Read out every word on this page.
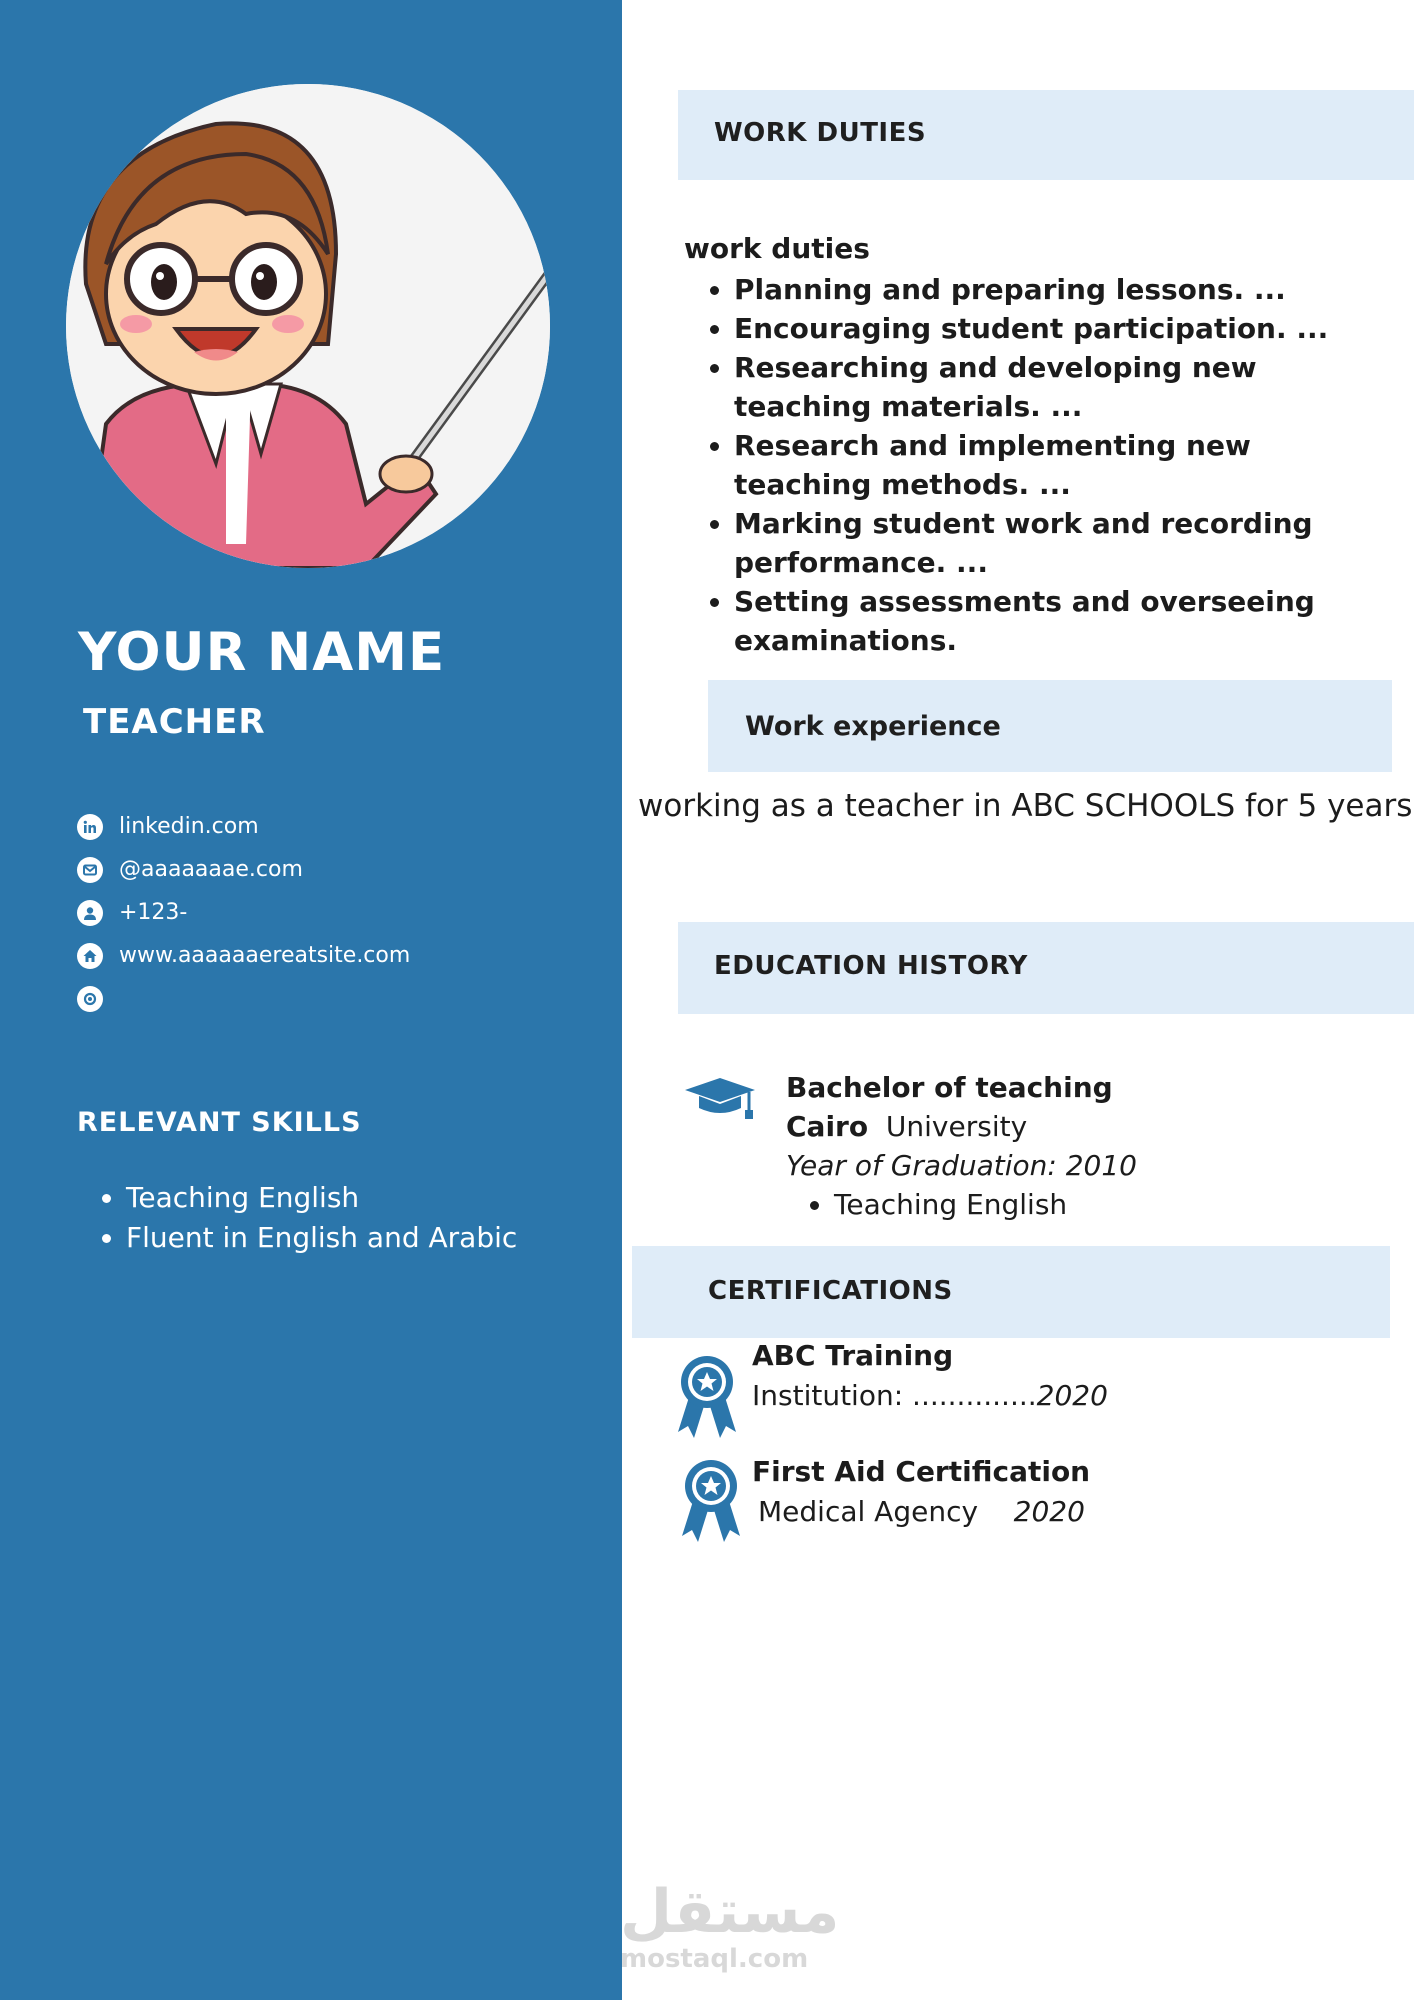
YOUR NAME
TEACHER
linkedin.com
@aaaaaaae.com
+123-
www.aaaaaaereatsite.com
RELEVANT SKILLS
• Teaching English
• Fluent in English and Arabic
WORK DUTIES
work duties
• Planning and preparing lessons. ...
• Encouraging student participation. ...
• Researching and developing new teaching materials. ...
• Research and implementing new teaching methods. ...
• Marking student work and recording performance. ...
• Setting assessments and overseeing examinations.
Work experience
working as a teacher in ABC SCHOOLS for 5 years
EDUCATION HISTORY
Bachelor of teaching
Cairo University
Year of Graduation: 2010
• Teaching English
CERTIFICATIONS
ABC Training
Institution: ..............2020
First Aid Certification
Medical Agency 2020
مستقل
mostaql.com
